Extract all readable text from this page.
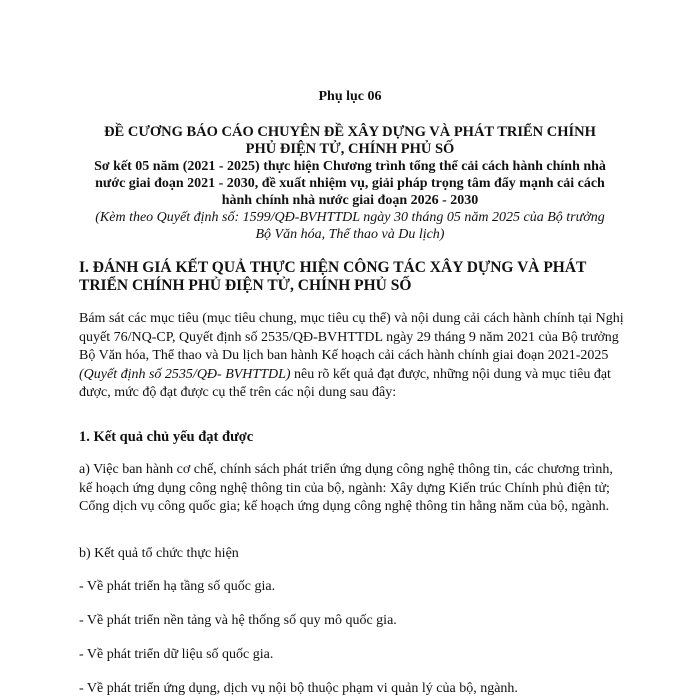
Phụ lục 06
ĐỀ CƯƠNG BÁO CÁO CHUYÊN ĐỀ XÂY DỰNG VÀ PHÁT TRIỂN CHÍNH PHỦ ĐIỆN TỬ, CHÍNH PHỦ SỐ
Sơ kết 05 năm (2021 - 2025) thực hiện Chương trình tổng thể cải cách hành chính nhà nước giai đoạn 2021 - 2030, đề xuất nhiệm vụ, giải pháp trọng tâm đẩy mạnh cải cách hành chính nhà nước giai đoạn 2026 - 2030
(Kèm theo Quyết định số: 1599/QĐ-BVHTTDL ngày 30 tháng 05 năm 2025 của Bộ trưởng Bộ Văn hóa, Thể thao và Du lịch)
I. ĐÁNH GIÁ KẾT QUẢ THỰC HIỆN CÔNG TÁC XÂY DỰNG VÀ PHÁT TRIỂN CHÍNH PHỦ ĐIỆN TỬ, CHÍNH PHỦ SỐ
Bám sát các mục tiêu (mục tiêu chung, mục tiêu cụ thể) và nội dung cải cách hành chính tại Nghị quyết 76/NQ-CP, Quyết định số 2535/QĐ-BVHTTDL ngày 29 tháng 9 năm 2021 của Bộ trưởng Bộ Văn hóa, Thể thao và Du lịch ban hành Kế hoạch cải cách hành chính giai đoạn 2021-2025 (Quyết định số 2535/QĐ- BVHTTDL) nêu rõ kết quả đạt được, những nội dung và mục tiêu đạt được, mức độ đạt được cụ thể trên các nội dung sau đây:
1. Kết quả chủ yếu đạt được
a) Việc ban hành cơ chế, chính sách phát triển ứng dụng công nghệ thông tin, các chương trình, kế hoạch ứng dụng công nghệ thông tin của bộ, ngành: Xây dựng Kiến trúc Chính phủ điện tử; Cổng dịch vụ công quốc gia; kế hoạch ứng dụng công nghệ thông tin hằng năm của bộ, ngành.
b) Kết quả tổ chức thực hiện
- Về phát triển hạ tầng số quốc gia.
- Về phát triển nền tảng và hệ thống số quy mô quốc gia.
- Về phát triển dữ liệu số quốc gia.
- Về phát triển ứng dụng, dịch vụ nội bộ thuộc phạm vi quản lý của bộ, ngành.
